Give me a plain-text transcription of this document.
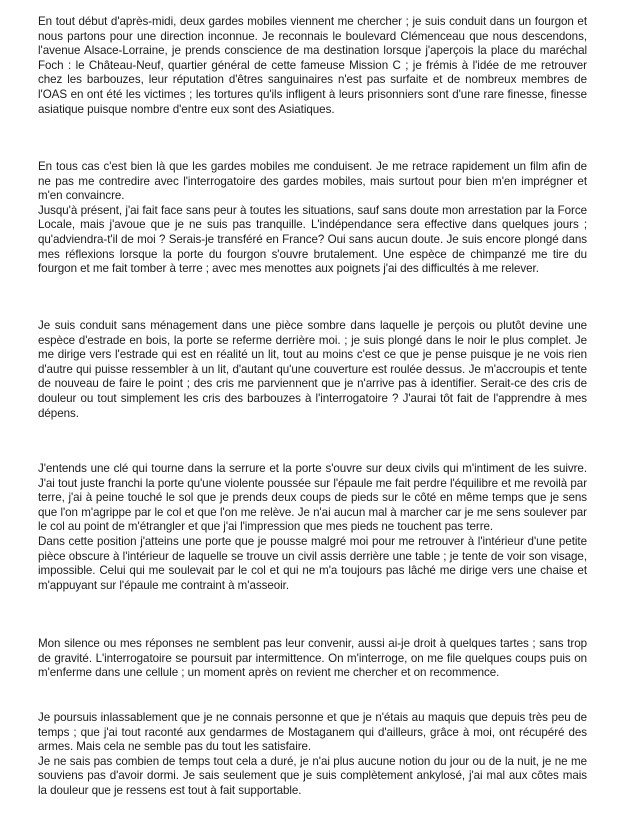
En tout début d'après-midi, deux gardes mobiles viennent me chercher ; je suis conduit dans un fourgon et nous partons pour une direction inconnue. Je reconnais le boulevard Clémenceau que nous descendons, l'avenue Alsace-Lorraine, je prends conscience de ma destination lorsque j'aperçois la place du maréchal Foch : le Château-Neuf, quartier général de cette fameuse Mission C ; je frémis à l'idée de me retrouver chez les barbouzes, leur réputation d'êtres sanguinaires n'est pas surfaite et de nombreux membres de l'OAS en ont été les victimes ; les tortures qu'ils infligent à leurs prisonniers sont d'une rare finesse, finesse asiatique puisque nombre d'entre eux sont des Asiatiques.

En tous cas c'est bien là que les gardes mobiles me conduisent. Je me retrace rapidement un film afin de ne pas me contredire avec l'interrogatoire des gardes mobiles, mais surtout pour bien m'en imprégner et m'en convaincre.

Jusqu'à présent, j'ai fait face sans peur à toutes les situations, sauf sans doute mon arrestation par la Force Locale, mais j'avoue que je ne suis pas tranquille. L'indépendance sera effective dans quelques jours ; qu'adviendra-t'il de moi ? Serais-je transféré en France? Oui sans aucun doute. Je suis encore plongé dans mes réflexions lorsque la porte du fourgon s'ouvre brutalement. Une espèce de chimpanzé me tire du fourgon et me fait tomber à terre ; avec mes menottes aux poignets j'ai des difficultés à me relever.

Je suis conduit sans ménagement dans une pièce sombre dans laquelle je perçois ou plutôt devine une espèce d'estrade en bois, la porte se referme derrière moi. ; je suis plongé dans le noir le plus complet. Je me dirige vers l'estrade qui est en réalité un lit, tout au moins c'est ce que je pense puisque je ne vois rien d'autre qui puisse ressembler à un lit, d'autant qu'une couverture est roulée dessus. Je m'accroupis et tente de nouveau de faire le point ; des cris me parviennent que je n'arrive pas à identifier. Serait-ce des cris de douleur ou tout simplement les cris des barbouzes à l'interrogatoire ? J'aurai tôt fait de l'apprendre à mes dépens.

J'entends une clé qui tourne dans la serrure et la porte s'ouvre sur deux civils qui m'intiment de les suivre. J'ai tout juste franchi la porte qu'une violente poussée sur l'épaule me fait perdre l'équilibre et me revoilà par terre, j'ai à peine touché le sol que je prends deux coups de pieds sur le côté en même temps que je sens que l'on m'agrippe par le col et que l'on me relève. Je n'ai aucun mal à marcher car je me sens soulever par le col au point de m'étrangler et que j'ai l'impression que mes pieds ne touchent pas terre.

Dans cette position j'atteins une porte que je pousse malgré moi pour me retrouver à l'intérieur d'une petite pièce obscure à l'intérieur de laquelle se trouve un civil assis derrière une table ; je tente de voir son visage, impossible. Celui qui me soulevait par le col et qui ne m'a toujours pas lâché me dirige vers une chaise et m'appuyant sur l'épaule me contraint à m'asseoir.

Mon silence ou mes réponses ne semblent pas leur convenir, aussi ai-je droit à quelques tartes ; sans trop de gravité. L'interrogatoire se poursuit par intermittence. On m'interroge, on me file quelques coups puis on m'enferme dans une cellule ; un moment après on revient me chercher et on recommence.

Je poursuis inlassablement que je ne connais personne et que je n'étais au maquis que depuis très peu de temps ; que j'ai tout raconté aux gendarmes de Mostaganem qui d'ailleurs, grâce à moi, ont récupéré des armes. Mais cela ne semble pas du tout les satisfaire.

Je ne sais pas combien de temps tout cela a duré, je n'ai plus aucune notion du jour ou de la nuit, je ne me souviens pas d'avoir dormi. Je sais seulement que je suis complètement ankylosé, j'ai mal aux côtes mais la douleur que je ressens est tout à fait supportable.
